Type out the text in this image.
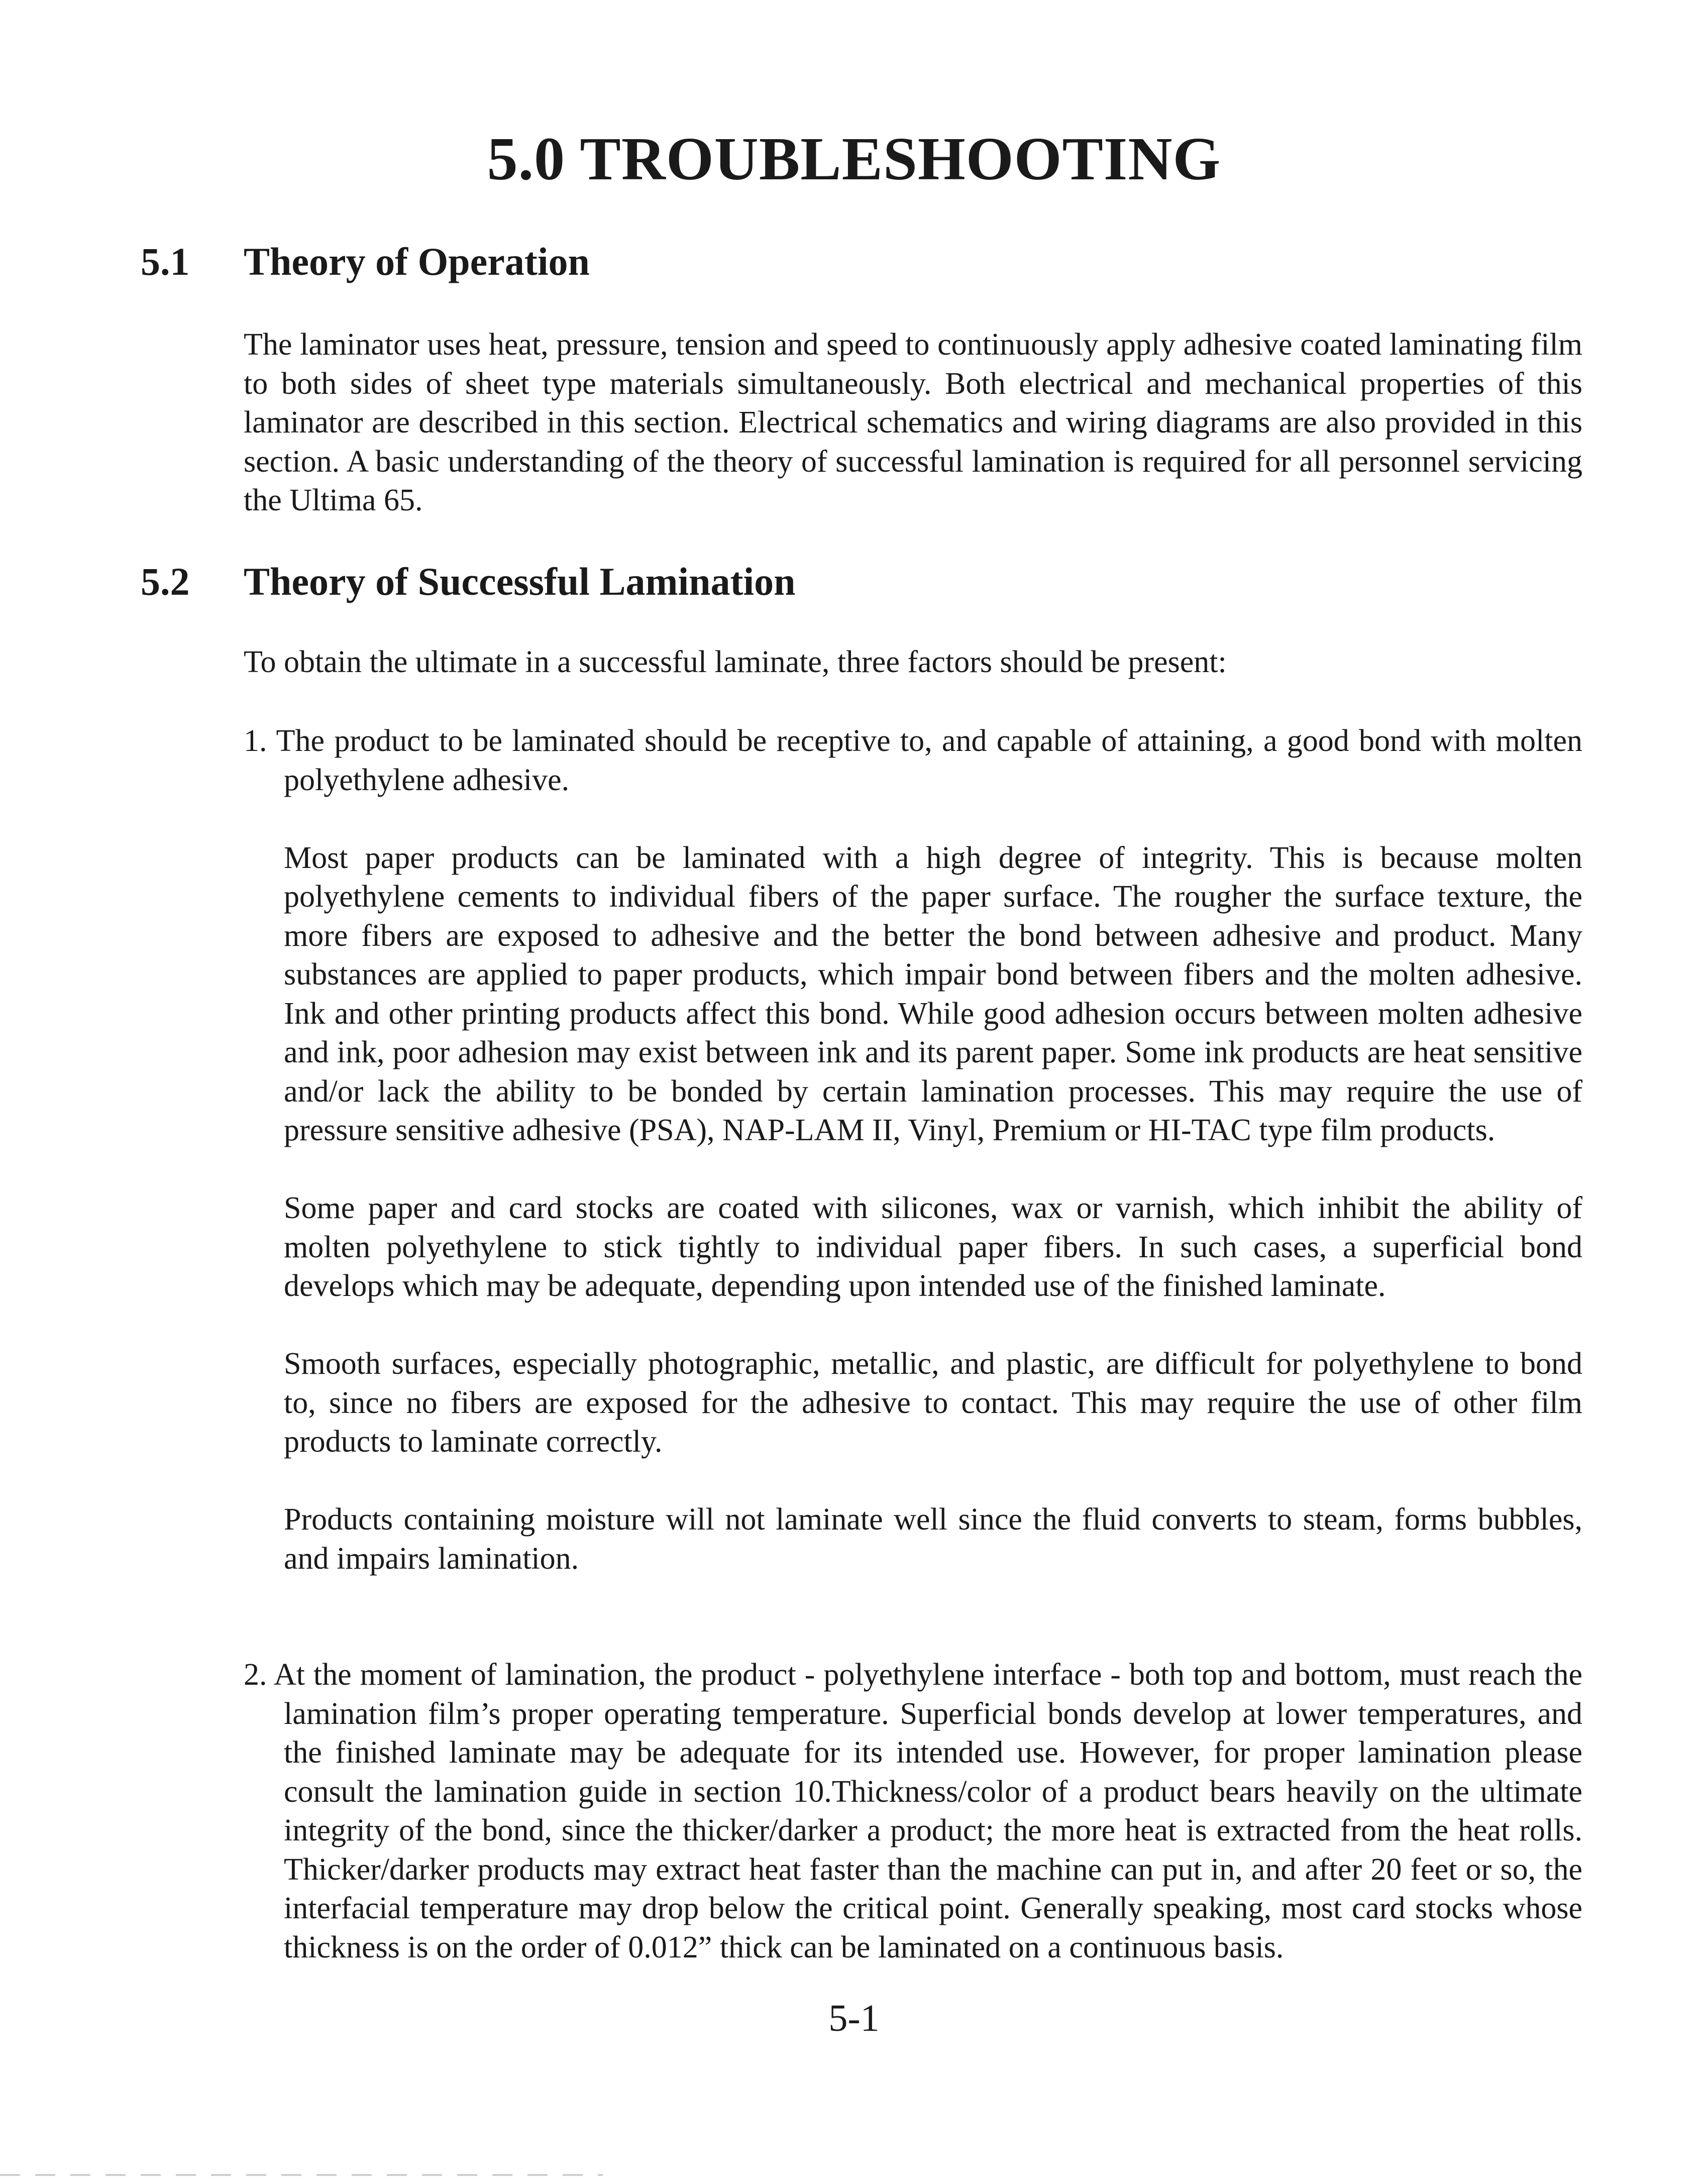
5.0 TROUBLESHOOTING
5.1 Theory of Operation

The laminator uses heat, pressure, tension and speed to continuously apply adhesive coated laminating film to both sides of sheet type materials simultaneously. Both electrical and mechanical properties of this laminator are described in this section. Electrical schematics and wiring diagrams are also provided in this section. A basic understanding of the theory of successful lamination is required for all personnel servicing the Ultima 65.

5.2 Theory of Successful Lamination

To obtain the ultimate in a successful laminate, three factors should be present:

1. The product to be laminated should be receptive to, and capable of attaining, a good bond with molten polyethylene adhesive.

Most paper products can be laminated with a high degree of integrity. This is because molten polyethylene cements to individual fibers of the paper surface. The rougher the surface texture, the more fibers are exposed to adhesive and the better the bond between adhesive and product. Many substances are applied to paper products, which impair bond between fibers and the molten adhesive. Ink and other printing products affect this bond. While good adhesion occurs between molten adhesive and ink, poor adhesion may exist between ink and its parent paper. Some ink products are heat sensitive and/or lack the ability to be bonded by certain lamination processes. This may require the use of pressure sensitive adhesive (PSA), NAP-LAM II, Vinyl, Premium or HI-TAC type film products.

Some paper and card stocks are coated with silicones, wax or varnish, which inhibit the ability of molten polyethylene to stick tightly to individual paper fibers. In such cases, a superficial bond develops which may be adequate, depending upon intended use of the finished laminate.

Smooth surfaces, especially photographic, metallic, and plastic, are difficult for polyethylene to bond to, since no fibers are exposed for the adhesive to contact. This may require the use of other film products to laminate correctly.

Products containing moisture will not laminate well since the fluid converts to steam, forms bubbles, and impairs lamination.

2. At the moment of lamination, the product - polyethylene interface - both top and bottom, must reach the lamination film’s proper operating temperature. Superficial bonds develop at lower temperatures, and the finished laminate may be adequate for its intended use. However, for proper lamination please consult the lamination guide in section 10.Thickness/color of a product bears heavily on the ultimate integrity of the bond, since the thicker/darker a product; the more heat is extracted from the heat rolls. Thicker/darker products may extract heat faster than the machine can put in, and after 20 feet or so, the interfacial temperature may drop below the critical point. Generally speaking, most card stocks whose thickness is on the order of 0.012” thick can be laminated on a continuous basis.

5-1
